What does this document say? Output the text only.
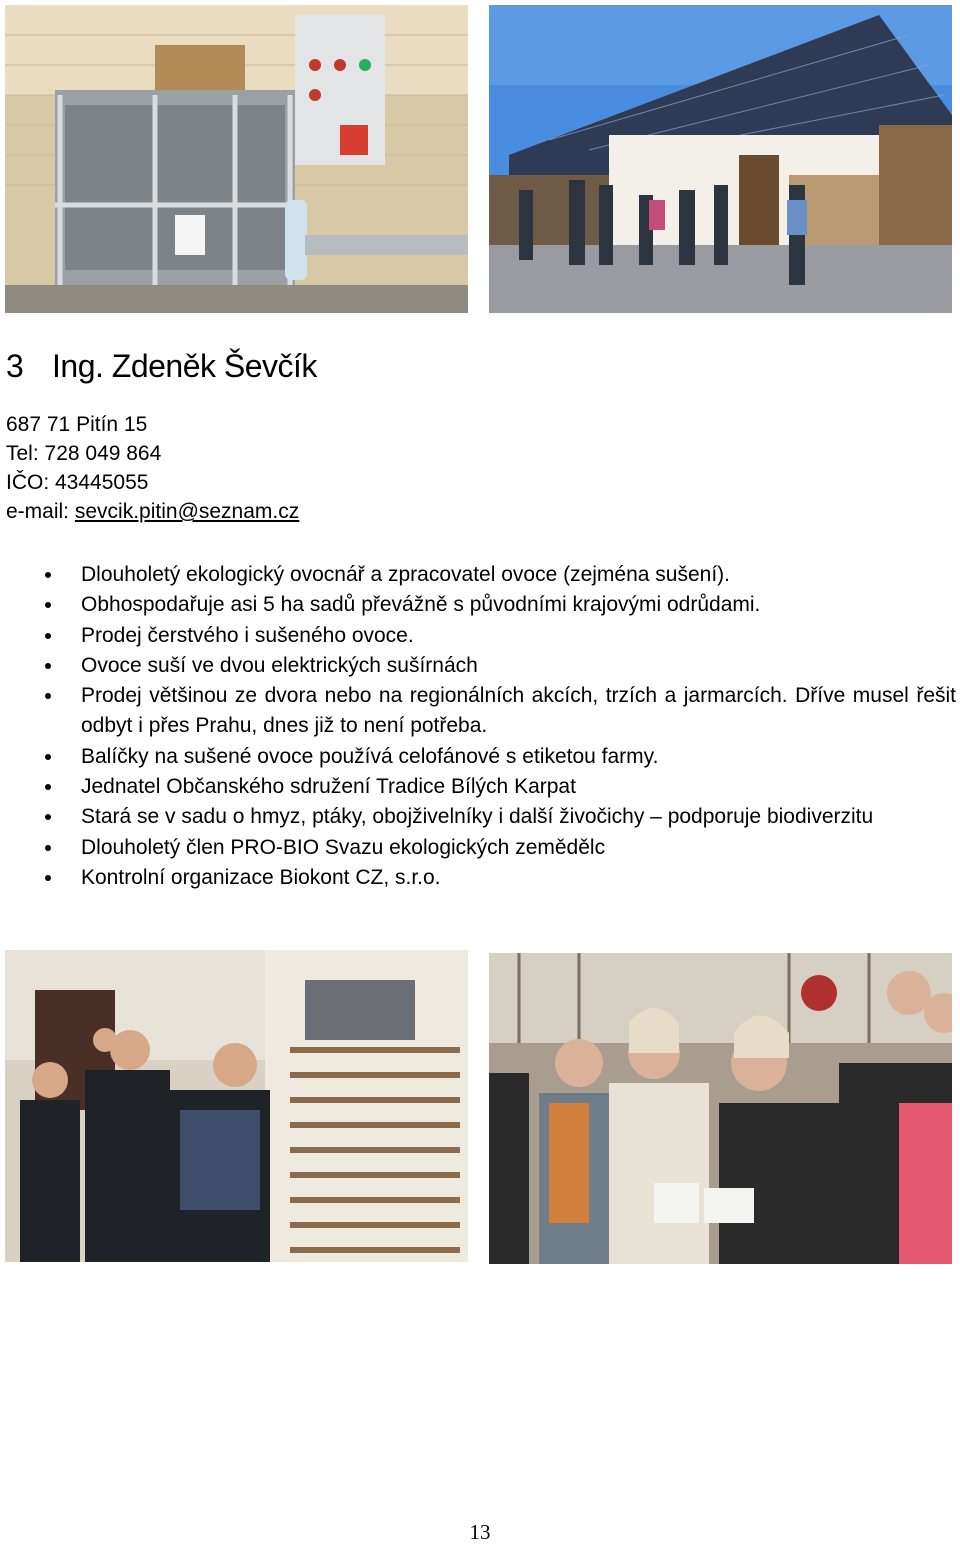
3 Ing. Zdeněk Ševčík
687 71 Pitín 15
Tel: 728 049 864
IČO: 43445055
e-mail: sevcik.pitin@seznam.cz
Dlouholetý ekologický ovocnář a zpracovatel ovoce (zejména sušení).
Obhospodařuje asi 5 ha sadů převážně s původními krajovými odrůdami.
Prodej čerstvého i sušeného ovoce.
Ovoce suší ve dvou elektrických sušírnách
Prodej většinou ze dvora nebo na regionálních akcích, trzích a jarmarcích. Dříve musel řešit odbyt i přes Prahu, dnes již to není potřeba.
Balíčky na sušené ovoce používá celofánové s etiketou farmy.
Jednatel Občanského sdružení Tradice Bílých Karpat
Stará se v sadu o hmyz, ptáky, obojživelníky i další živočichy – podporuje biodiverzitu
Dlouholetý člen PRO-BIO Svazu ekologických zemědělc
Kontrolní organizace Biokont CZ, s.r.o.
13
